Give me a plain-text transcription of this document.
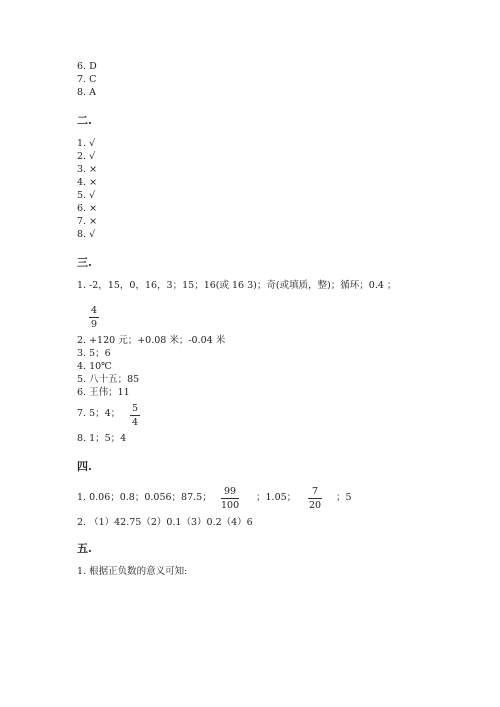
6. D
7. C
8. A
二.
1. √
2. √
3. ×
4. ×
5. √
6. ×
7. ×
8. √
三.
1. -2，15，0，16，3；15；16(或 16 3)；奇(或填质，整)；循环；0.4 ；
4
9
2. +120 元；+0.08 米；-0.04 米
3. 5；6
4. 10℃
5. 八十五；85
6. 王伟；11
7. 5；4； 5
4
8. 1；5；4
四.
1. 0.06；0.8；0.056；87.5；
99
100
；1.05；
7
20
；5
2. （1）42.75（2）0.1（3）0.2（4）6
五.
1. 根据正负数的意义可知:
